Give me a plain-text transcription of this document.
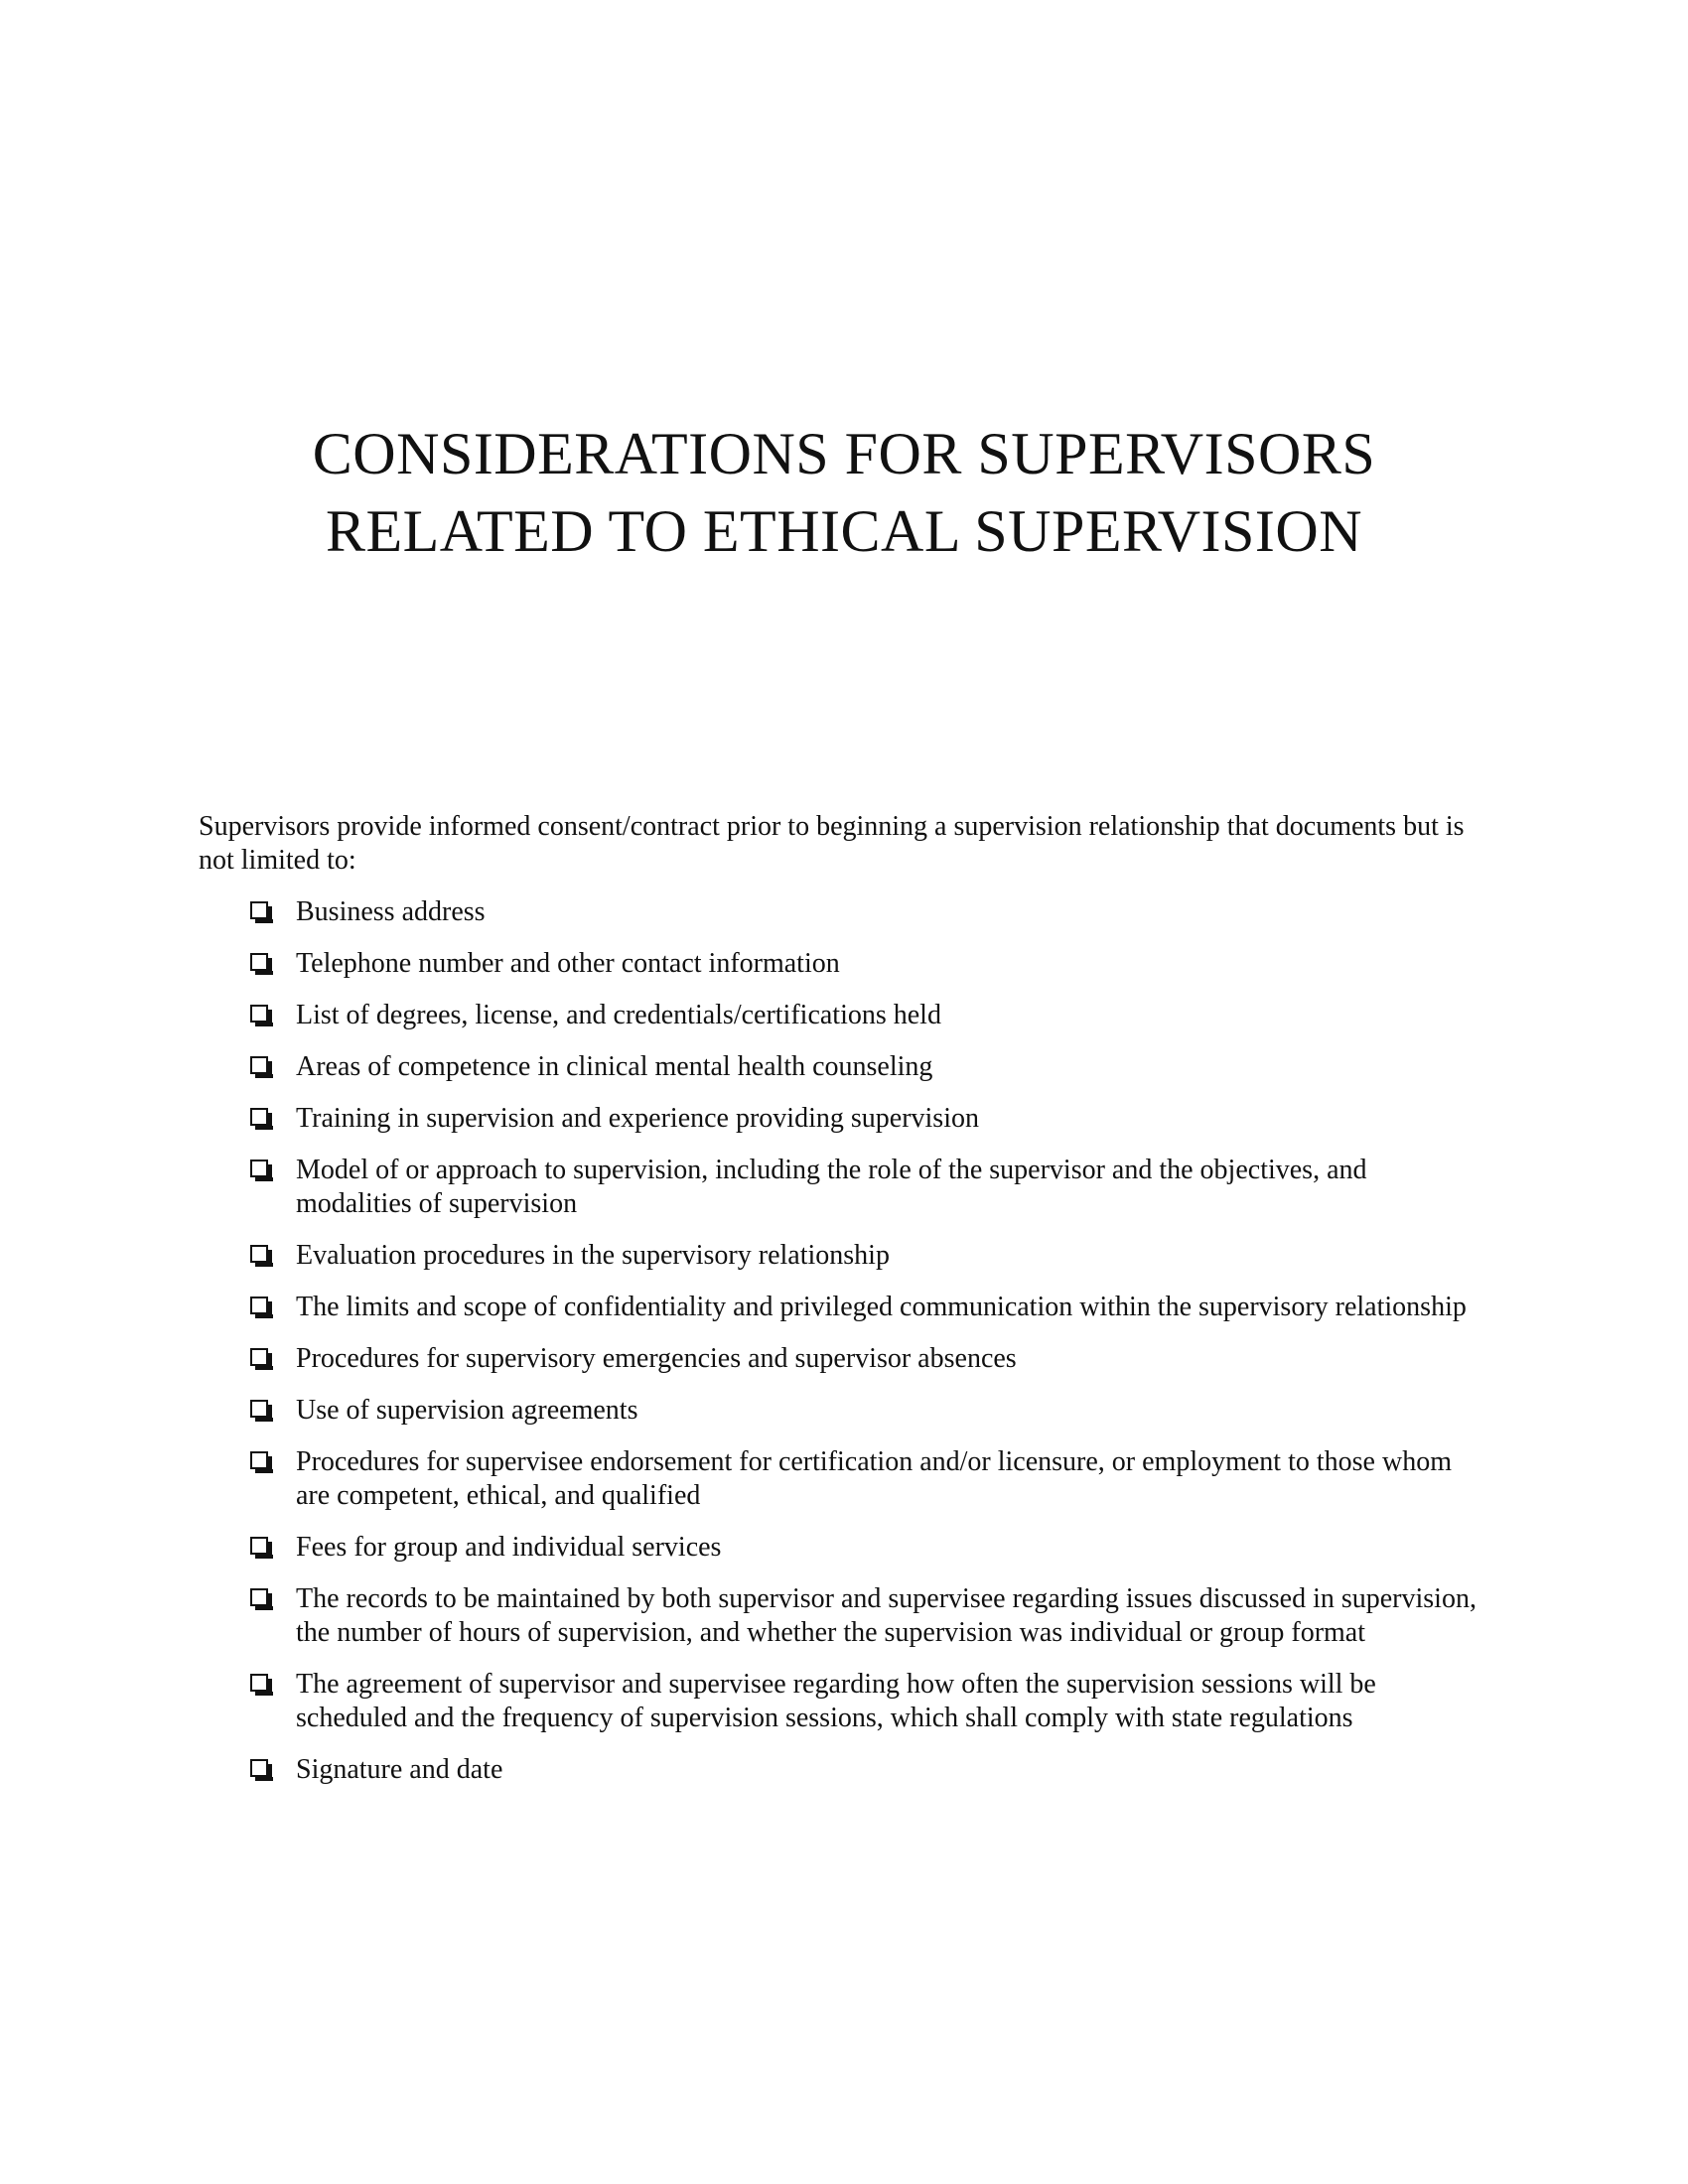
CONSIDERATIONS FOR SUPERVISORS
RELATED TO ETHICAL SUPERVISION

Supervisors provide informed consent/contract prior to beginning a supervision relationship that documents but is not limited to:

Business address
Telephone number and other contact information
List of degrees, license, and credentials/certifications held
Areas of competence in clinical mental health counseling
Training in supervision and experience providing supervision
Model of or approach to supervision, including the role of the supervisor and the objectives, and modalities of supervision
Evaluation procedures in the supervisory relationship
The limits and scope of confidentiality and privileged communication within the supervisory relationship
Procedures for supervisory emergencies and supervisor absences
Use of supervision agreements
Procedures for supervisee endorsement for certification and/or licensure, or employment to those whom are competent, ethical, and qualified
Fees for group and individual services
The records to be maintained by both supervisor and supervisee regarding issues discussed in supervision, the number of hours of supervision, and whether the supervision was individual or group format
The agreement of supervisor and supervisee regarding how often the supervision sessions will be scheduled and the frequency of supervision sessions, which shall comply with state regulations
Signature and date
